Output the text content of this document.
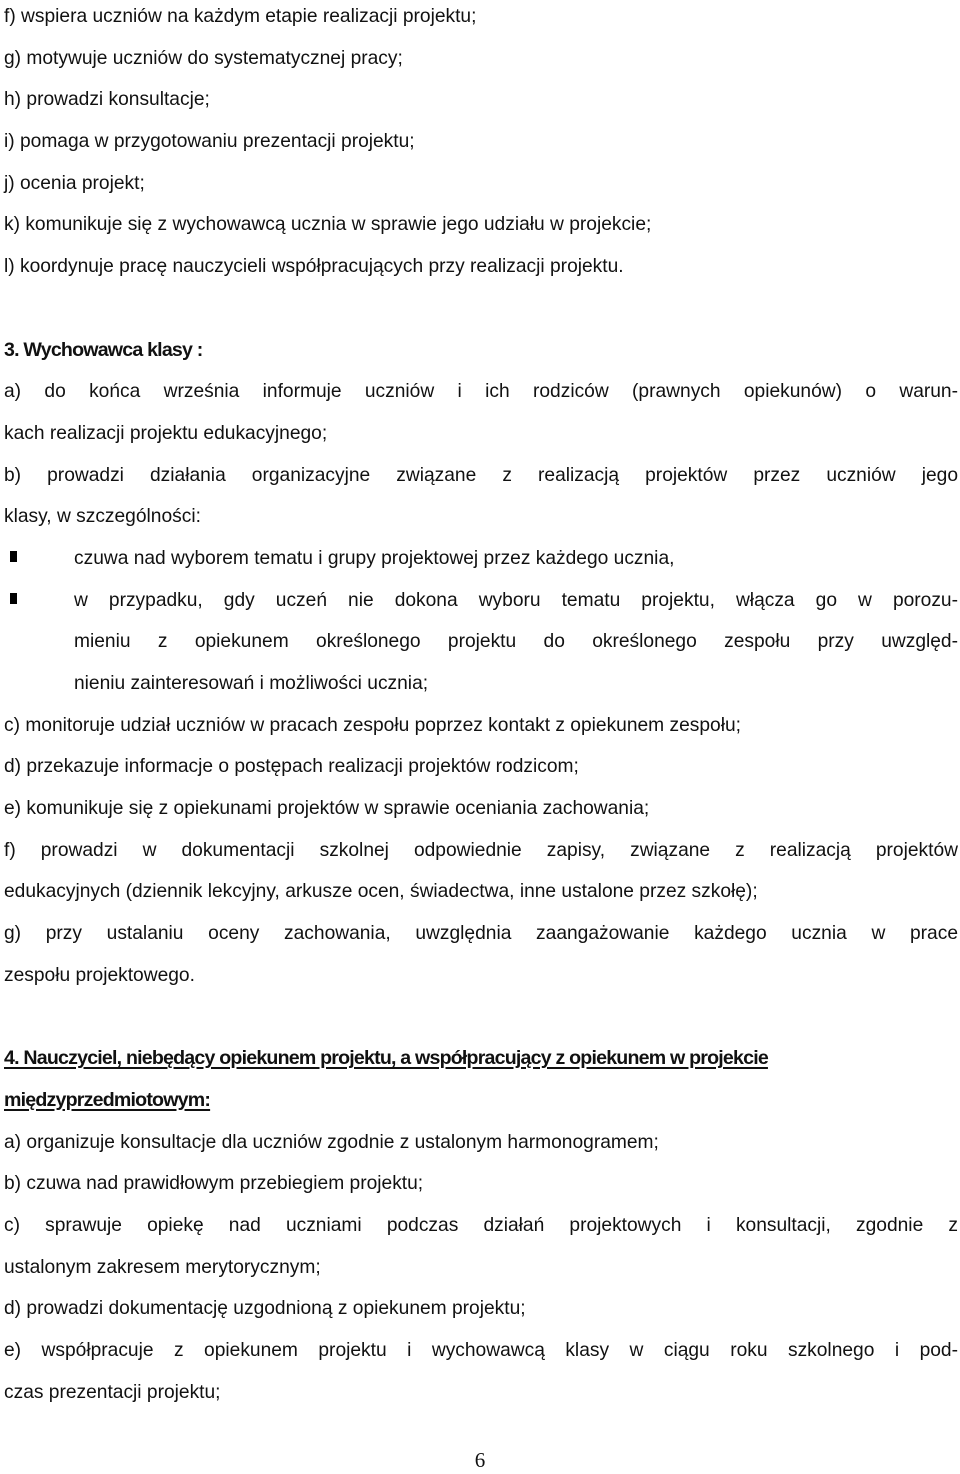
f) wspiera uczniów na każdym etapie realizacji projektu;
g) motywuje uczniów do systematycznej pracy;
h) prowadzi konsultacje;
i) pomaga w przygotowaniu prezentacji projektu;
j) ocenia projekt;
k) komunikuje się z wychowawcą ucznia w sprawie jego udziału w projekcie;
l) koordynuje pracę nauczycieli współpracujących przy realizacji projektu.
3. Wychowawca klasy :
a) do końca września informuje uczniów i ich rodziców (prawnych opiekunów) o warun-
kach realizacji projektu edukacyjnego;
b) prowadzi działania organizacyjne związane z realizacją projektów przez uczniów jego
klasy, w szczególności:
czuwa nad wyborem tematu i grupy projektowej przez każdego ucznia,
w przypadku, gdy uczeń nie dokona wyboru tematu projektu, włącza go w porozu-
mieniu z opiekunem określonego projektu do określonego zespołu przy uwzględ-
nieniu zainteresowań i możliwości ucznia;
c) monitoruje udział uczniów w pracach zespołu poprzez kontakt z opiekunem zespołu;
d) przekazuje informacje o postępach realizacji projektów rodzicom;
e) komunikuje się z opiekunami projektów w sprawie oceniania zachowania;
f) prowadzi w dokumentacji szkolnej odpowiednie zapisy, związane z realizacją projektów
edukacyjnych (dziennik lekcyjny, arkusze ocen, świadectwa, inne ustalone przez szkołę);
g) przy ustalaniu oceny zachowania, uwzględnia zaangażowanie każdego ucznia w prace
zespołu projektowego.
4. Nauczyciel, niebędący opiekunem projektu, a współpracujący z opiekunem w projekcie
międzyprzedmiotowym:
a) organizuje konsultacje dla uczniów zgodnie z ustalonym harmonogramem;
b) czuwa nad prawidłowym przebiegiem projektu;
c) sprawuje opiekę nad uczniami podczas działań projektowych i konsultacji, zgodnie z
ustalonym zakresem merytorycznym;
d) prowadzi dokumentację uzgodnioną z opiekunem projektu;
e) współpracuje z opiekunem projektu i wychowawcą klasy w ciągu roku szkolnego i pod-
czas prezentacji projektu;
6
